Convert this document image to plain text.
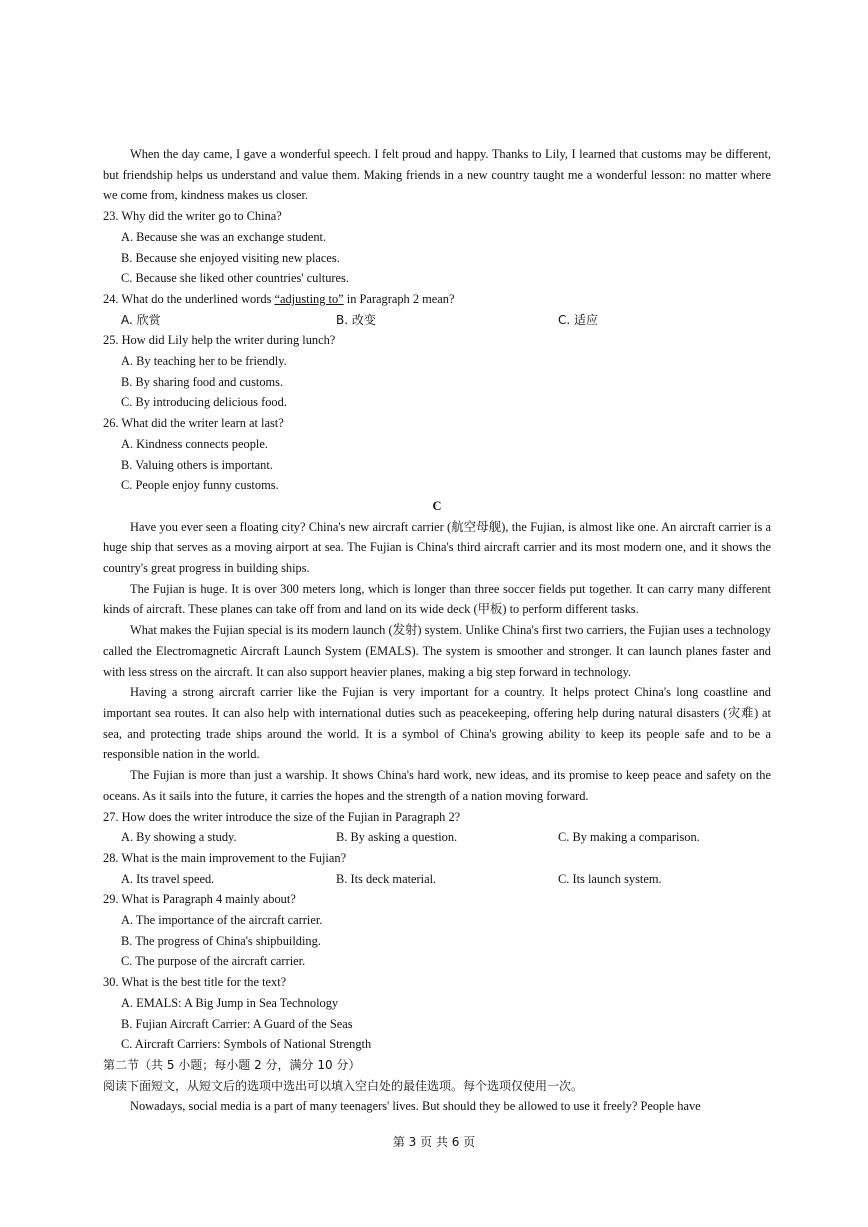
When the day came, I gave a wonderful speech. I felt proud and happy. Thanks to Lily, I learned that customs may be different, but friendship helps us understand and value them. Making friends in a new country taught me a wonderful lesson: no matter where we come from, kindness makes us closer.

23. Why did the writer go to China?

A. Because she was an exchange student.

B. Because she enjoyed visiting new places.

C. Because she liked other countries' cultures.

24. What do the underlined words “adjusting to” in Paragraph 2 mean?

A. 欣赏	B. 改变	C. 适应

25. How did Lily help the writer during lunch?

A. By teaching her to be friendly.

B. By sharing food and customs.

C. By introducing delicious food.

26. What did the writer learn at last?

A. Kindness connects people.

B. Valuing others is important.

C. People enjoy funny customs.

C

Have you ever seen a floating city? China's new aircraft carrier (航空母舰), the Fujian, is almost like one. An aircraft carrier is a huge ship that serves as a moving airport at sea. The Fujian is China's third aircraft carrier and its most modern one, and it shows the country's great progress in building ships.

The Fujian is huge. It is over 300 meters long, which is longer than three soccer fields put together. It can carry many different kinds of aircraft. These planes can take off from and land on its wide deck (甲板) to perform different tasks.

What makes the Fujian special is its modern launch (发射) system. Unlike China's first two carriers, the Fujian uses a technology called the Electromagnetic Aircraft Launch System (EMALS). The system is smoother and stronger. It can launch planes faster and with less stress on the aircraft. It can also support heavier planes, making a big step forward in technology.

Having a strong aircraft carrier like the Fujian is very important for a country. It helps protect China's long coastline and important sea routes. It can also help with international duties such as peacekeeping, offering help during natural disasters (灾难) at sea, and protecting trade ships around the world. It is a symbol of China's growing ability to keep its people safe and to be a responsible nation in the world.

The Fujian is more than just a warship. It shows China's hard work, new ideas, and its promise to keep peace and safety on the oceans. As it sails into the future, it carries the hopes and the strength of a nation moving forward.

27. How does the writer introduce the size of the Fujian in Paragraph 2?

A. By showing a study.	B. By asking a question.	C. By making a comparison.

28. What is the main improvement to the Fujian?

A. Its travel speed.	B. Its deck material.	C. Its launch system.

29. What is Paragraph 4 mainly about?

A. The importance of the aircraft carrier.

B. The progress of China's shipbuilding.

C. The purpose of the aircraft carrier.

30. What is the best title for the text?

A. EMALS: A Big Jump in Sea Technology

B. Fujian Aircraft Carrier: A Guard of the Seas

C. Aircraft Carriers: Symbols of National Strength

第二节（共 5 小题；每小题 2 分，满分 10 分）

阅读下面短文，从短文后的选项中选出可以填入空白处的最佳选项。每个选项仅使用一次。

Nowadays, social media is a part of many teenagers' lives. But should they be allowed to use it freely? People have

第 3 页 共 6 页
